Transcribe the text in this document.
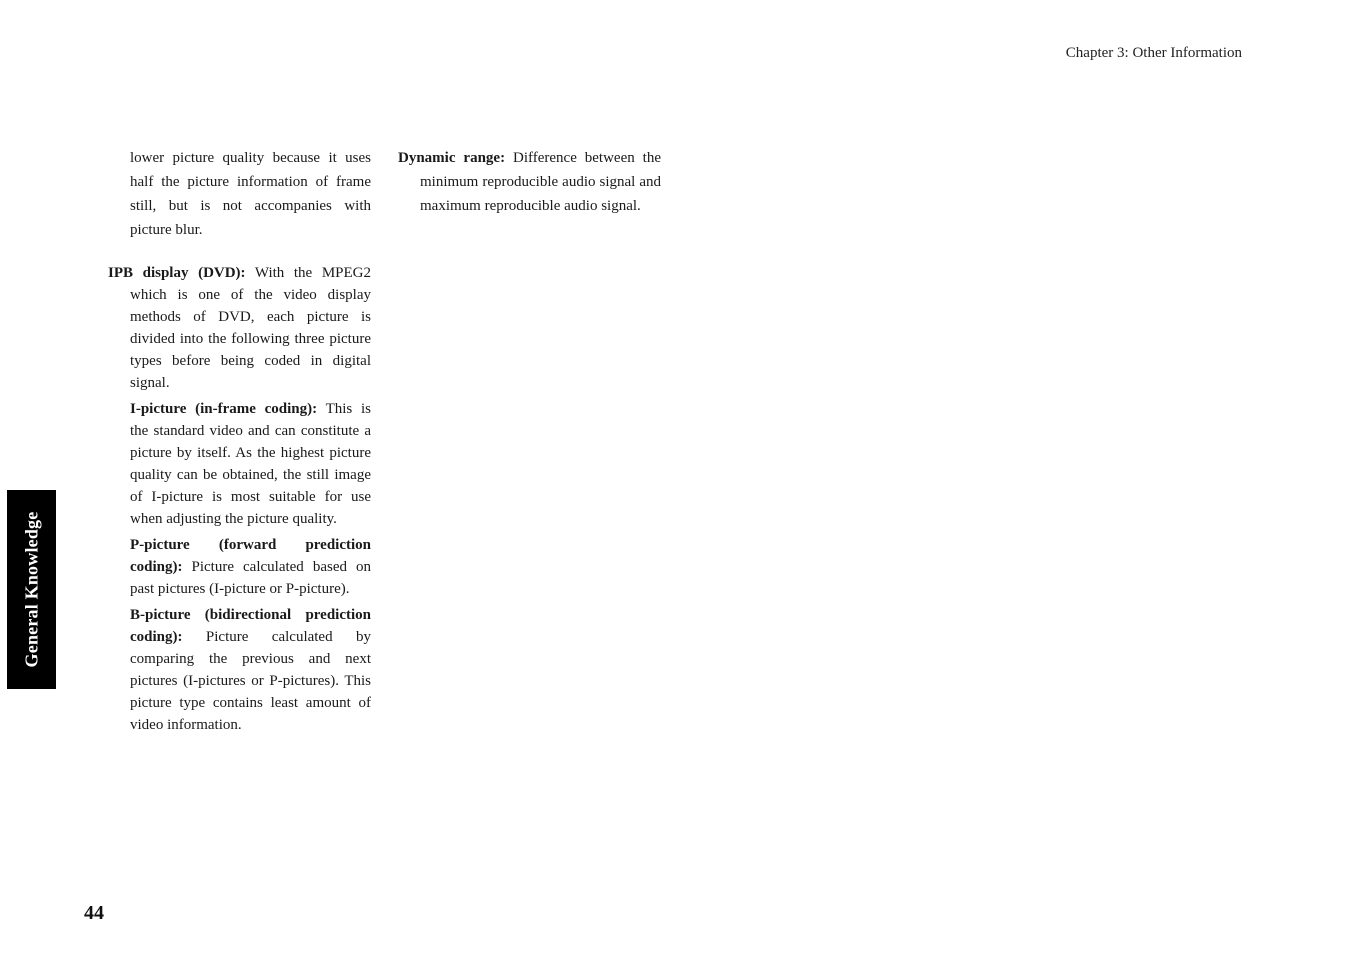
Chapter 3: Other Information
General Knowledge

lower picture quality because it uses half the picture information of frame still, but is not accompanies with picture blur.

IPB display (DVD): With the MPEG2 which is one of the video display methods of DVD, each picture is divided into the following three picture types before being coded in digital signal.

I-picture (in-frame coding): This is the standard video and can constitute a picture by itself. As the highest picture quality can be obtained, the still image of I-picture is most suitable for use when adjusting the picture quality.

P-picture (forward prediction coding): Picture calculated based on past pictures (I-picture or P-picture).

B-picture (bidirectional prediction coding): Picture calculated by comparing the previous and next pictures (I-pictures or P-pictures). This picture type contains least amount of video information.

Dynamic range: Difference between the minimum reproducible audio signal and maximum reproducible audio signal.

44
